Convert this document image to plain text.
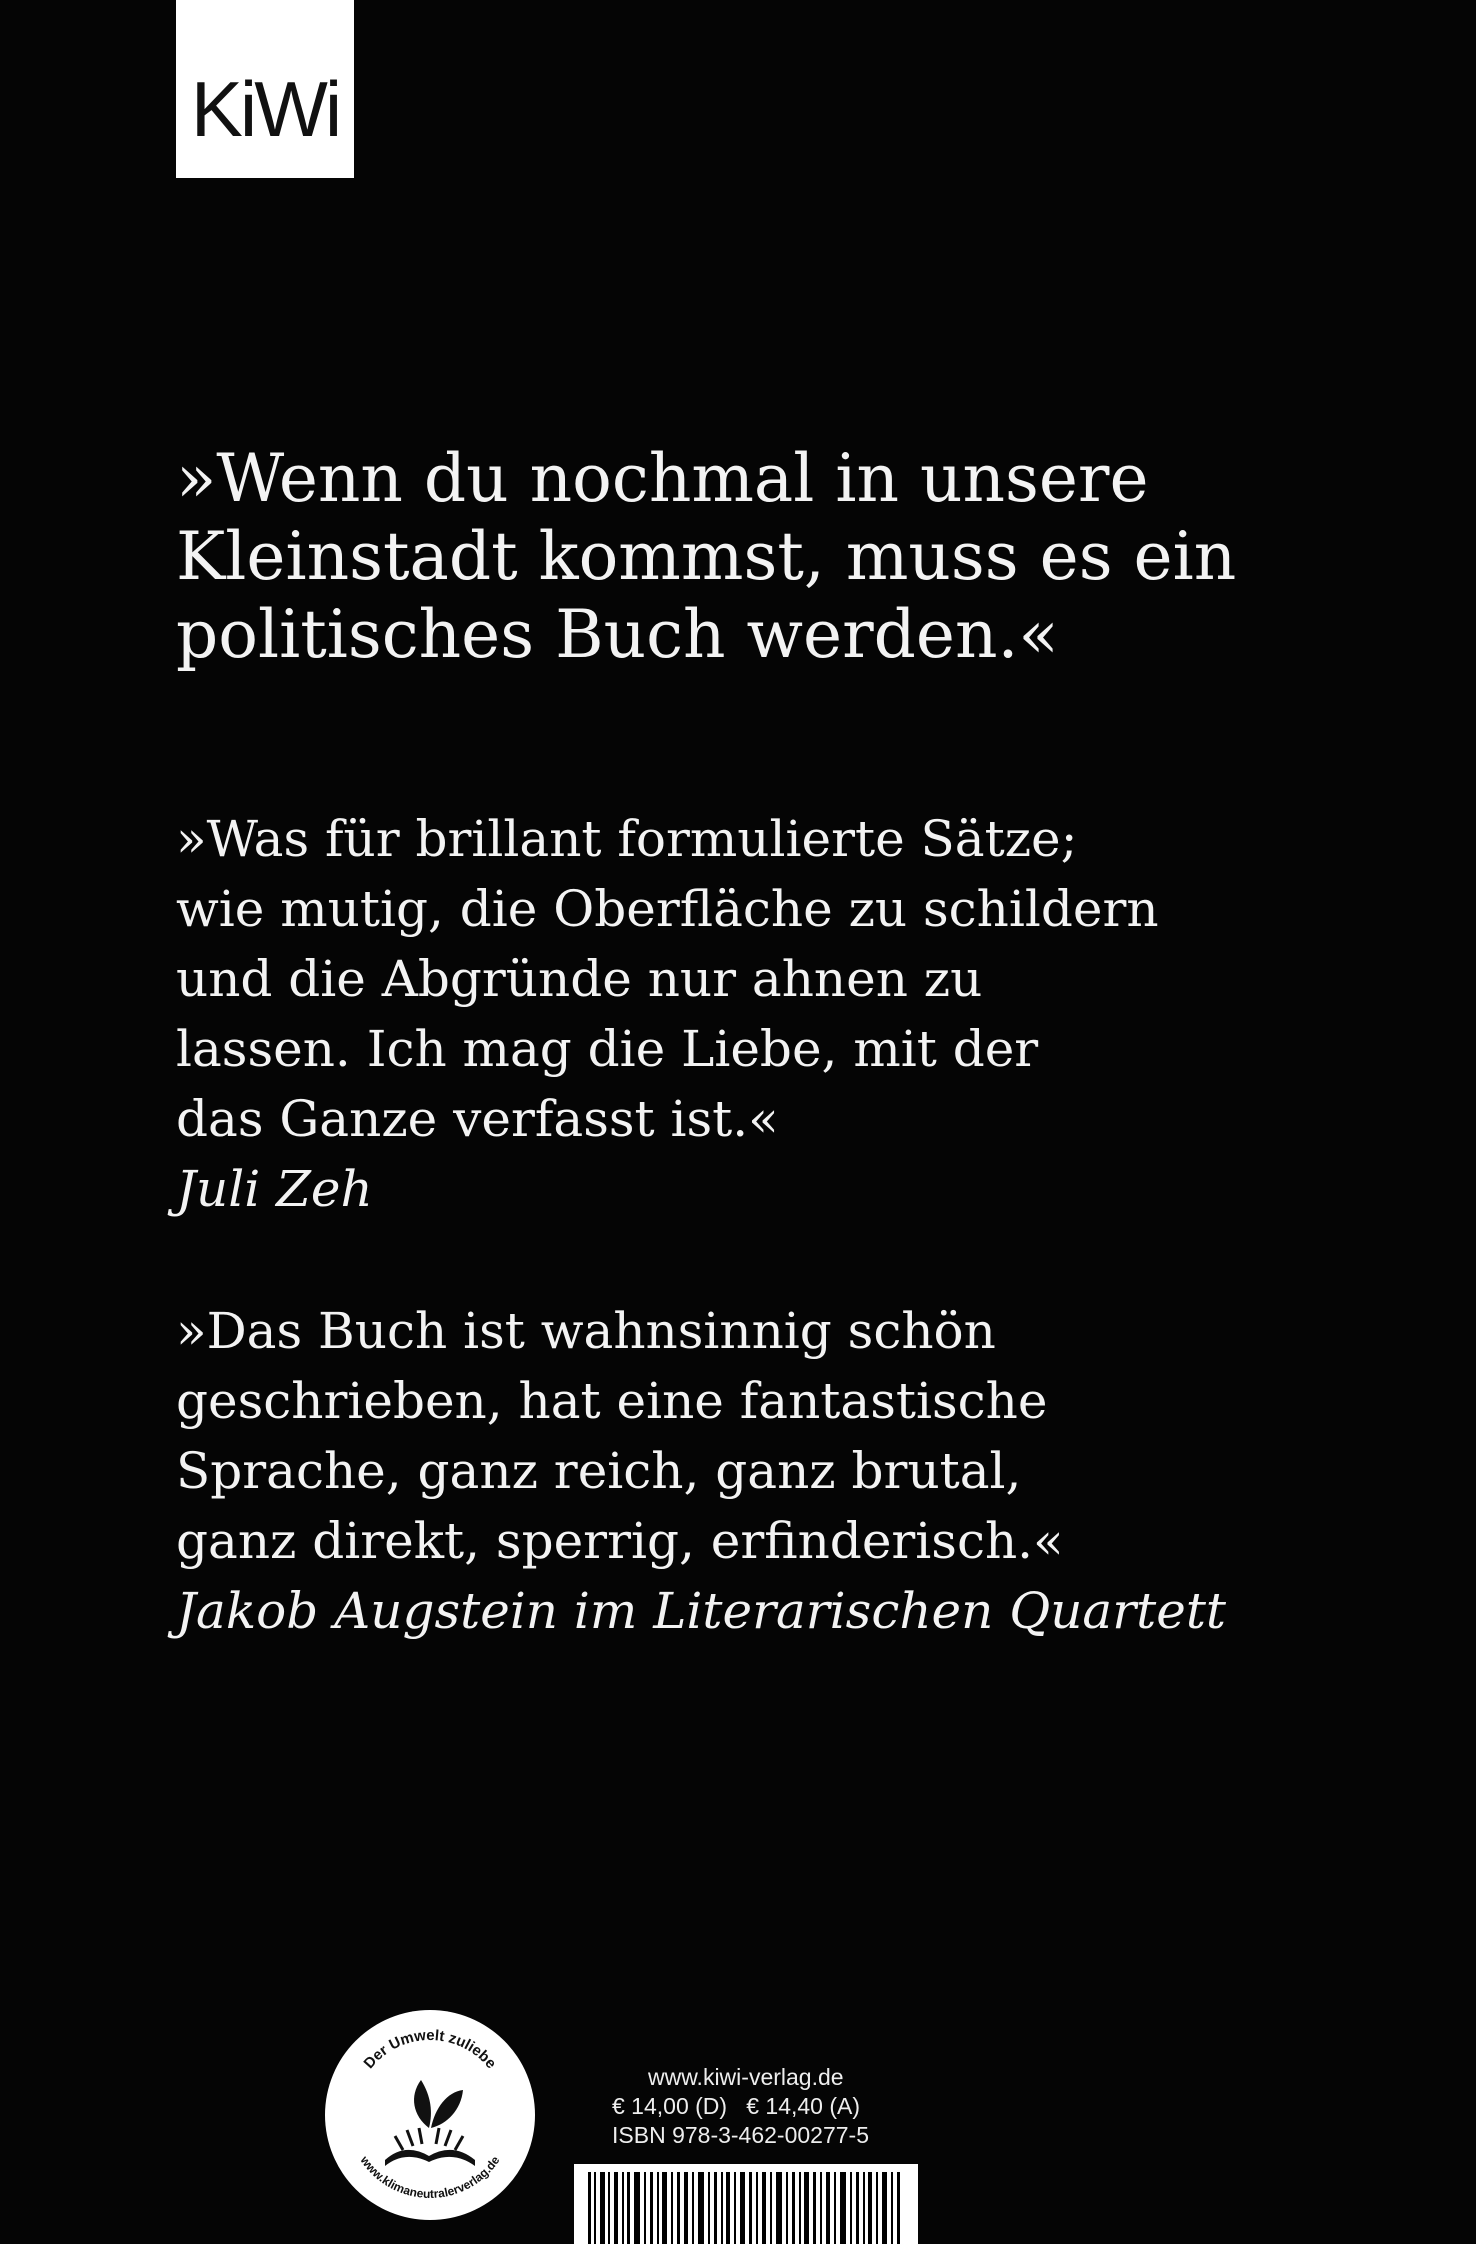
KiWi
»Wenn du nochmal in unsere
Kleinstadt kommst, muss es ein
politisches Buch werden.«
»Was für brillant formulierte Sätze;
wie mutig, die Oberfläche zu schildern
und die Abgründe nur ahnen zu
lassen. Ich mag die Liebe, mit der
das Ganze verfasst ist.«
Juli Zeh
»Das Buch ist wahnsinnig schön
geschrieben, hat eine fantastische
Sprache, ganz reich, ganz brutal,
ganz direkt, sperrig, erfinderisch.«
Jakob Augstein im Literarischen Quartett
Der Umwelt zuliebe
www.klimaneutralerverlag.de
www.kiwi-verlag.de
€ 14,00 (D)   € 14,40 (A)
ISBN 978-3-462-00277-5
